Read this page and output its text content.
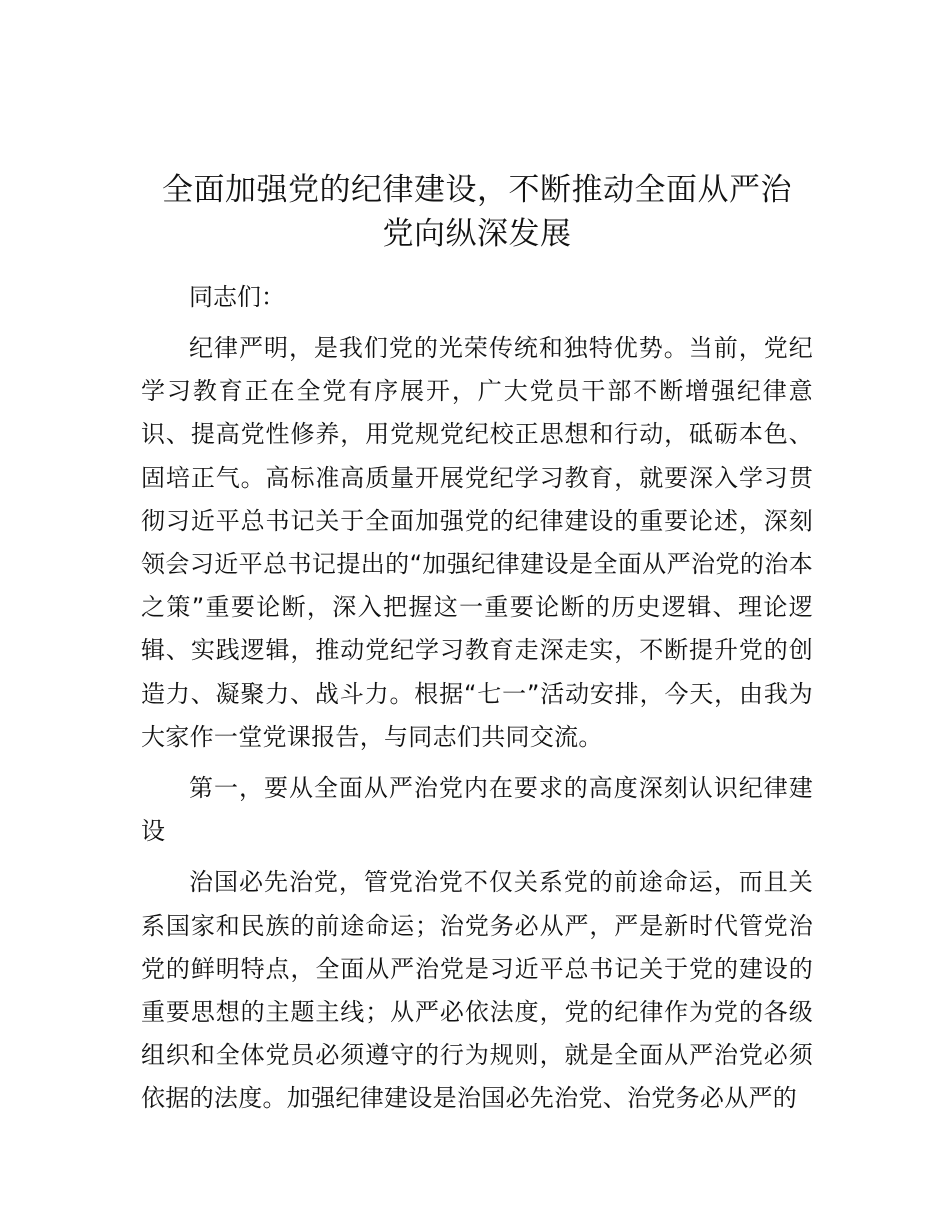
全面加强党的纪律建设，不断推动全面从严治
党向纵深发展

同志们：

纪律严明，是我们党的光荣传统和独特优势。当前，党纪学习教育正在全党有序展开，广大党员干部不断增强纪律意识、提高党性修养，用党规党纪校正思想和行动，砥砺本色、固培正气。高标准高质量开展党纪学习教育，就要深入学习贯彻习近平总书记关于全面加强党的纪律建设的重要论述，深刻领会习近平总书记提出的“加强纪律建设是全面从严治党的治本之策”重要论断，深入把握这一重要论断的历史逻辑、理论逻辑、实践逻辑，推动党纪学习教育走深走实，不断提升党的创造力、凝聚力、战斗力。根据“七一”活动安排，今天，由我为大家作一堂党课报告，与同志们共同交流。

第一，要从全面从严治党内在要求的高度深刻认识纪律建设

治国必先治党，管党治党不仅关系党的前途命运，而且关系国家和民族的前途命运；治党务必从严，严是新时代管党治党的鲜明特点，全面从严治党是习近平总书记关于党的建设的重要思想的主题主线；从严必依法度，党的纪律作为党的各级组织和全体党员必须遵守的行为规则，就是全面从严治党必须依据的法度。加强纪律建设是治国必先治党、治党务必从严的
